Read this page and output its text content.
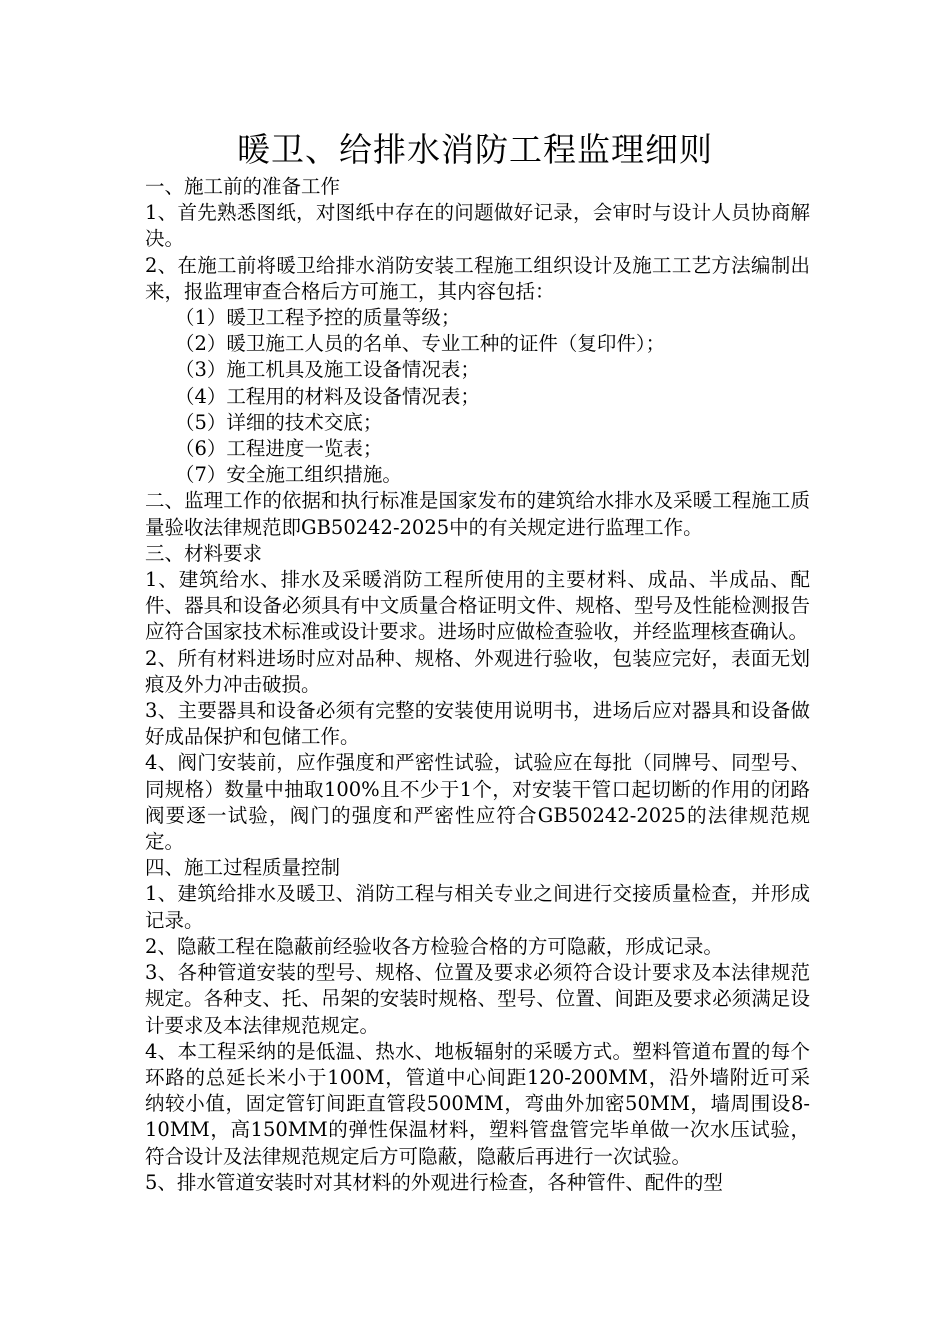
暖卫、给排水消防工程监理细则

一、施工前的准备工作

1、首先熟悉图纸，对图纸中存在的问题做好记录，会审时与设计人员协商解决。

2、在施工前将暖卫给排水消防安装工程施工组织设计及施工工艺方法编制出来，报监理审查合格后方可施工，其内容包括：

（1）暖卫工程予控的质量等级；

（2）暖卫施工人员的名单、专业工种的证件（复印件）；

（3）施工机具及施工设备情况表；

（4）工程用的材料及设备情况表；

（5）详细的技术交底；

（6）工程进度一览表；

（7）安全施工组织措施。

二、监理工作的依据和执行标准是国家发布的建筑给水排水及采暖工程施工质量验收法律规范即GB50242-2025中的有关规定进行监理工作。

三、材料要求

1、建筑给水、排水及采暖消防工程所使用的主要材料、成品、半成品、配件、器具和设备必须具有中文质量合格证明文件、规格、型号及性能检测报告应符合国家技术标准或设计要求。进场时应做检查验收，并经监理核查确认。

2、所有材料进场时应对品种、规格、外观进行验收，包装应完好，表面无划痕及外力冲击破损。

3、主要器具和设备必须有完整的安装使用说明书，进场后应对器具和设备做好成品保护和包储工作。

4、阀门安装前，应作强度和严密性试验，试验应在每批（同牌号、同型号、同规格）数量中抽取100%且不少于1个，对安装干管口起切断的作用的闭路阀要逐一试验，阀门的强度和严密性应符合GB50242-2025的法律规范规定。

四、施工过程质量控制

1、建筑给排水及暖卫、消防工程与相关专业之间进行交接质量检查，并形成记录。

2、隐蔽工程在隐蔽前经验收各方检验合格的方可隐蔽，形成记录。

3、各种管道安装的型号、规格、位置及要求必须符合设计要求及本法律规范规定。各种支、托、吊架的安装时规格、型号、位置、间距及要求必须满足设计要求及本法律规范规定。

4、本工程采纳的是低温、热水、地板辐射的采暖方式。塑料管道布置的每个环路的总延长米小于100M，管道中心间距120-200MM，沿外墙附近可采纳较小值，固定管钉间距直管段500MM，弯曲外加密50MM，墙周围设8-10MM，高150MM的弹性保温材料，塑料管盘管完毕单做一次水压试验，符合设计及法律规范规定后方可隐蔽，隐蔽后再进行一次试验。

5、排水管道安装时对其材料的外观进行检查，各种管件、配件的型
